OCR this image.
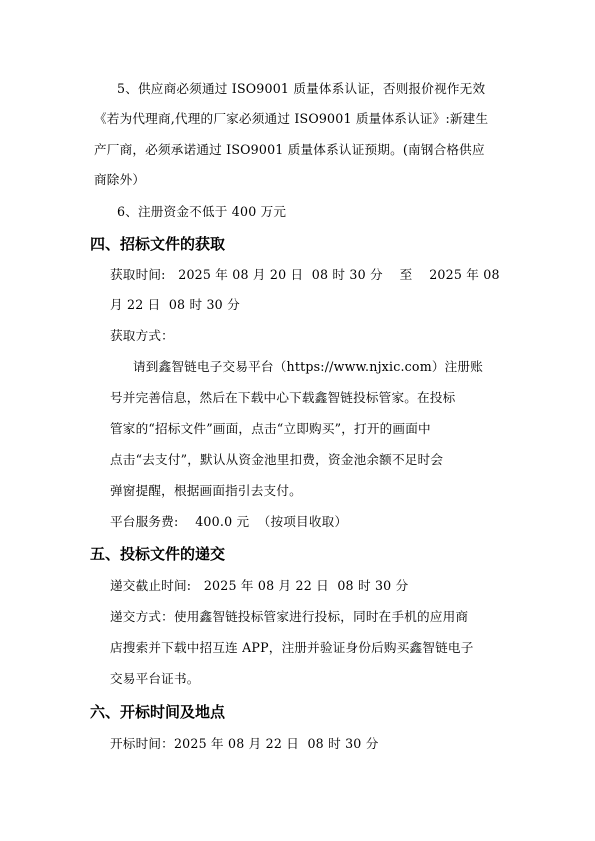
5、供应商必须通过 ISO9001 质量体系认证，否则报价视作无效
《若为代理商,代理的厂家必须通过 ISO9001 质量体系认证》:新建生
产厂商，必须承诺通过 ISO9001 质量体系认证预期。(南钢合格供应
商除外）
6、注册资金不低于 400 万元
四、招标文件的获取
获取时间:   2025 年 08 月 20 日  08 时 30 分    至    2025 年 08
月 22 日  08 时 30 分
获取方式：
请到鑫智链电子交易平台（https://www.njxic.com）注册账
号并完善信息，然后在下载中心下载鑫智链投标管家。在投标
管家的“招标文件”画面，点击“立即购买”，打开的画面中
点击“去支付”，默认从资金池里扣费，资金池余额不足时会
弹窗提醒，根据画面指引去支付。
平台服务费:    400.0 元  （按项目收取）
五、投标文件的递交
递交截止时间:   2025 年 08 月 22 日  08 时 30 分
递交方式：使用鑫智链投标管家进行投标，同时在手机的应用商
店搜索并下载中招互连 APP，注册并验证身份后购买鑫智链电子
交易平台证书。
六、开标时间及地点
开标时间：2025 年 08 月 22 日  08 时 30 分
